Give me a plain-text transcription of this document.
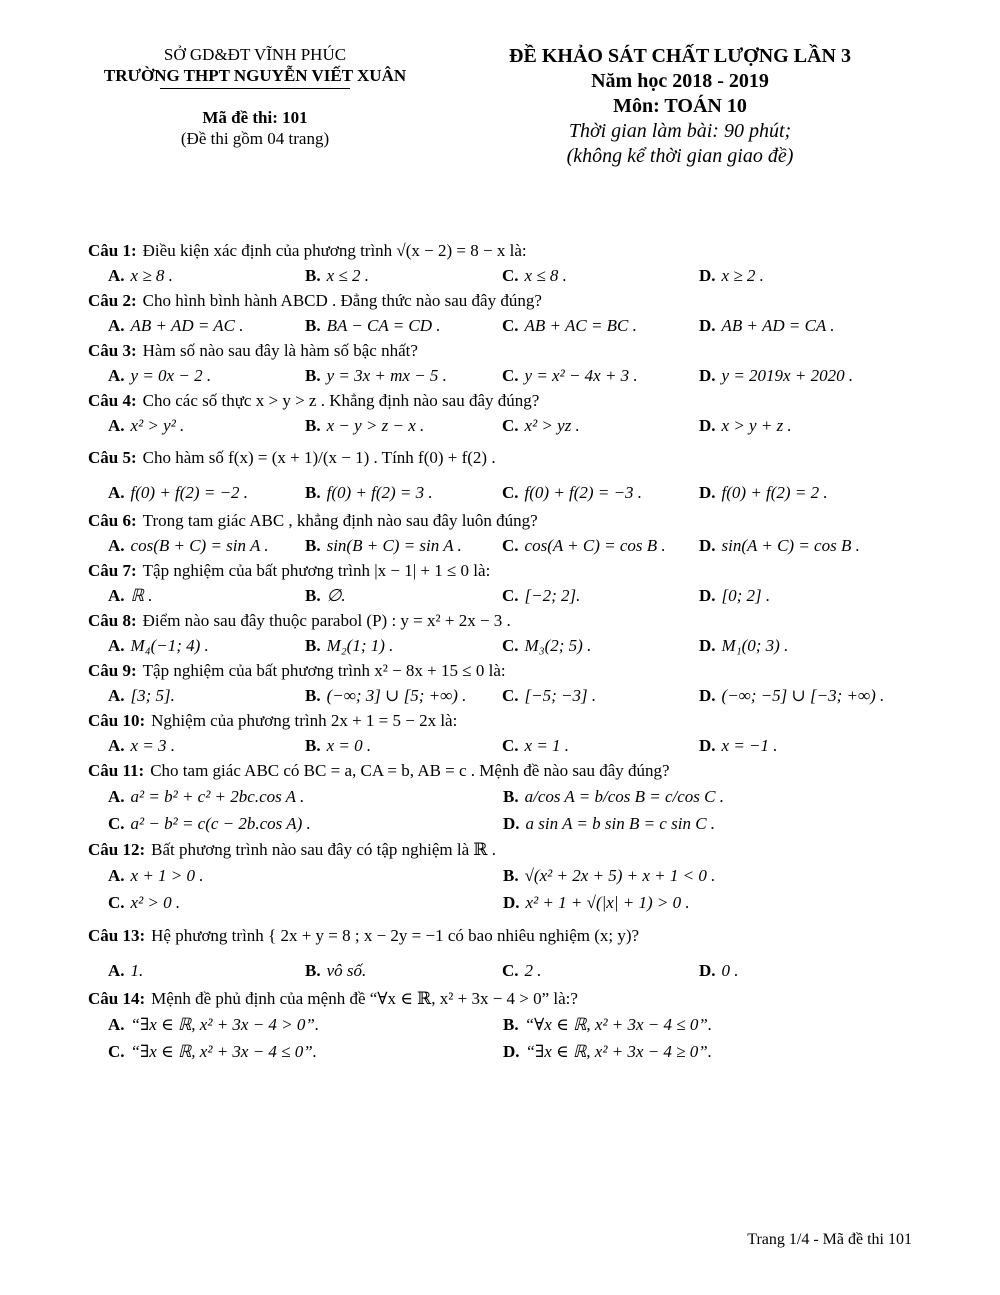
SỞ GD&ĐT VĨNH PHÚC
TRƯỜNG THPT NGUYỄN VIẾT XUÂN
Mã đề thi: 101
(Đề thi gồm 04 trang)
ĐỀ KHẢO SÁT CHẤT LƯỢNG LẦN 3
Năm học 2018 - 2019
Môn: TOÁN 10
Thời gian làm bài: 90 phút;
(không kể thời gian giao đề)
Câu 1: Điều kiện xác định của phương trình √(x − 2) = 8 − x là:
A. x ≥ 8 .	B. x ≤ 2 .	C. x ≤ 8 .	D. x ≥ 2 .
Câu 2: Cho hình bình hành ABCD . Đẳng thức nào sau đây đúng?
A. AB + AD = AC .	B. BA − CA = CD .	C. AB + AC = BC .	D. AB + AD = CA .
Câu 3: Hàm số nào sau đây là hàm số bậc nhất?
A. y = 0x − 2 .	B. y = 3x + mx − 5 .	C. y = x² − 4x + 3 .	D. y = 2019x + 2020 .
Câu 4: Cho các số thực x > y > z . Khẳng định nào sau đây đúng?
A. x² > y² .	B. x − y > z − x .	C. x² > yz .	D. x > y + z .
Câu 5: Cho hàm số f(x) = (x + 1)/(x − 1) . Tính f(0) + f(2) .
A. f(0) + f(2) = −2 .	B. f(0) + f(2) = 3 .	C. f(0) + f(2) = −3 .	D. f(0) + f(2) = 2 .
Câu 6: Trong tam giác ABC , khẳng định nào sau đây luôn đúng?
A. cos(B + C) = sin A .	B. sin(B + C) = sin A .	C. cos(A + C) = cos B .	D. sin(A + C) = cos B .
Câu 7: Tập nghiệm của bất phương trình |x − 1| + 1 ≤ 0 là:
A. ℝ .	B. ∅.	C. [−2; 2].	D. [0; 2] .
Câu 8: Điểm nào sau đây thuộc parabol (P) : y = x² + 2x − 3 .
A. M₄(−1; 4) .	B. M₂(1; 1) .	C. M₃(2; 5) .	D. M₁(0; 3) .
Câu 9: Tập nghiệm của bất phương trình x² − 8x + 15 ≤ 0 là:
A. [3; 5].	B. (−∞; 3] ∪ [5; +∞) .	C. [−5; −3] .	D. (−∞; −5] ∪ [−3; +∞) .
Câu 10: Nghiệm của phương trình 2x + 1 = 5 − 2x là:
A. x = 3 .	B. x = 0 .	C. x = 1 .	D. x = −1 .
Câu 11: Cho tam giác ABC có BC = a, CA = b, AB = c . Mệnh đề nào sau đây đúng?
A. a² = b² + c² + 2bc.cos A .	B. a/cos A = b/cos B = c/cos C .
C. a² − b² = c(c − 2b.cos A) .	D. a sin A = b sin B = c sin C .
Câu 12: Bất phương trình nào sau đây có tập nghiệm là ℝ .
A. x + 1 > 0 .	B. √(x² + 2x + 5) + x + 1 < 0 .
C. x² > 0 .	D. x² + 1 + √(|x| + 1) > 0 .
Câu 13: Hệ phương trình { 2x + y = 8 ; x − 2y = −1 có bao nhiêu nghiệm (x; y)?
A. 1.	B. vô số.	C. 2 .	D. 0 .
Câu 14: Mệnh đề phủ định của mệnh đề “∀x ∈ ℝ, x² + 3x − 4 > 0” là:?
A. “∃x ∈ ℝ, x² + 3x − 4 > 0”.	B. “∀x ∈ ℝ, x² + 3x − 4 ≤ 0”.
C. “∃x ∈ ℝ, x² + 3x − 4 ≤ 0”.	D. “∃x ∈ ℝ, x² + 3x − 4 ≥ 0”.
Trang 1/4 - Mã đề thi 101
